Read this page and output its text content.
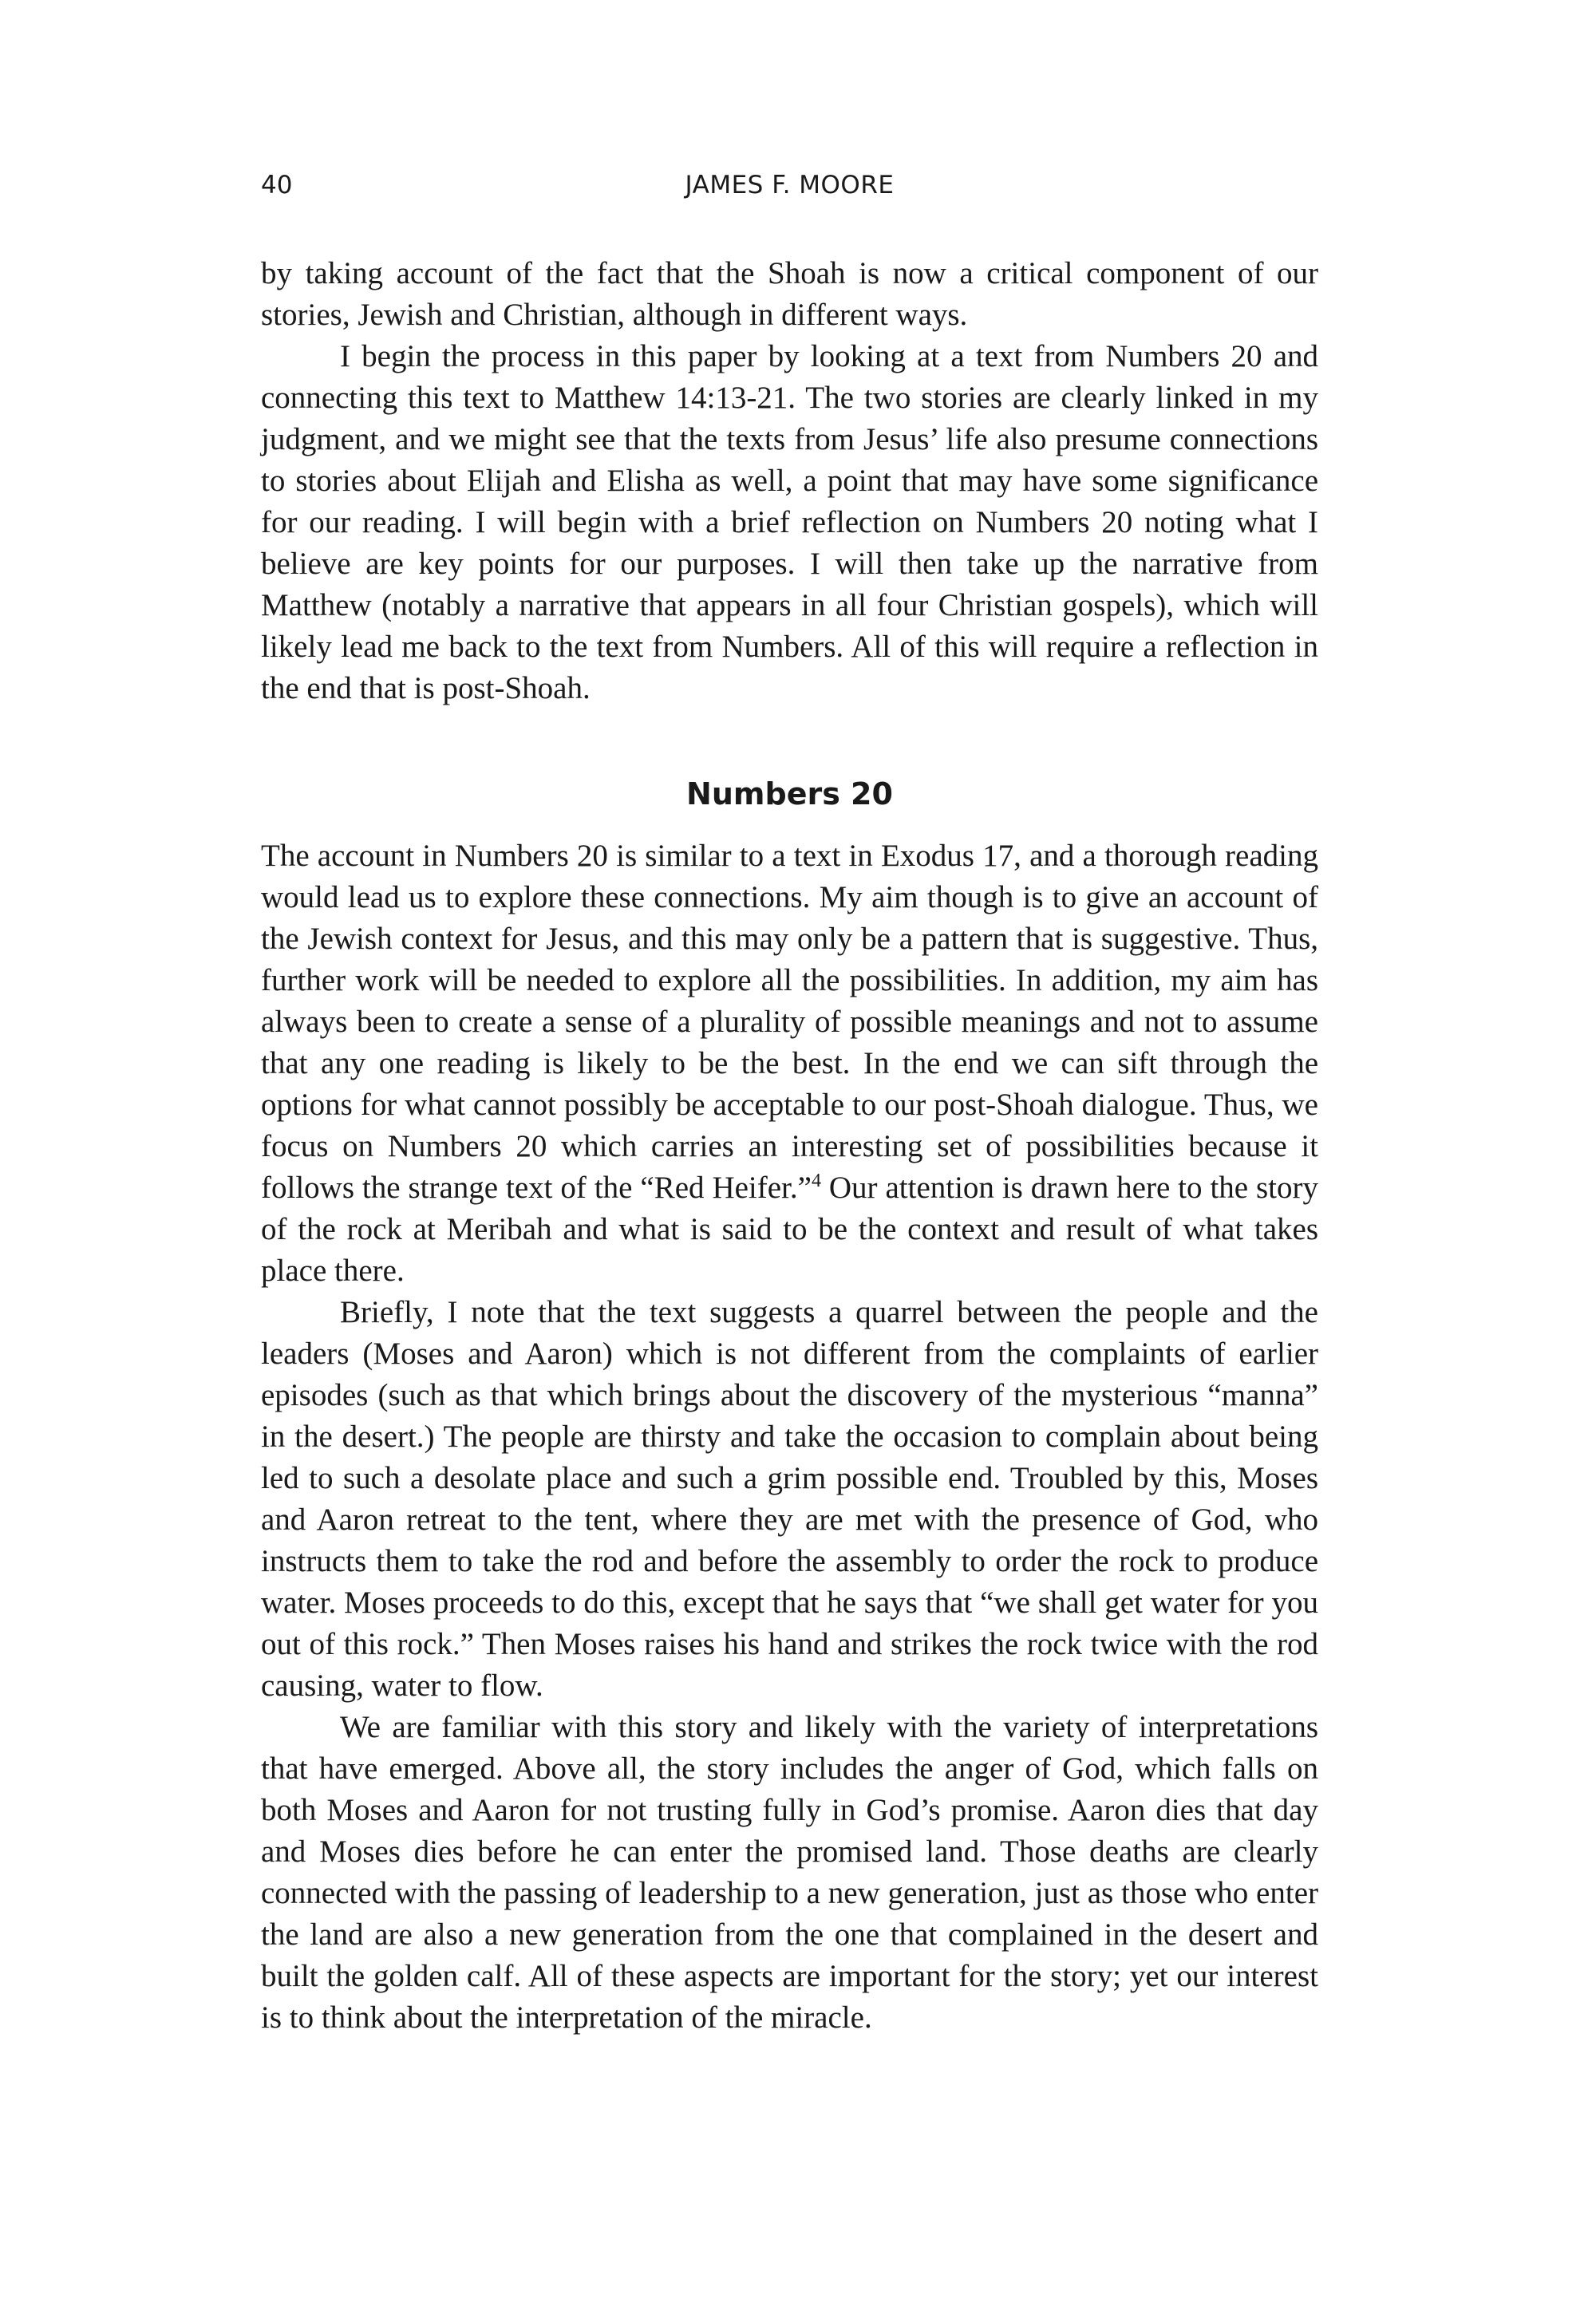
40	JAMES F. MOORE

by taking account of the fact that the Shoah is now a critical component of our stories, Jewish and Christian, although in different ways.

I begin the process in this paper by looking at a text from Numbers 20 and connecting this text to Matthew 14:13-21. The two stories are clearly linked in my judgment, and we might see that the texts from Jesus’ life also presume connections to stories about Elijah and Elisha as well, a point that may have some significance for our reading. I will begin with a brief reflection on Numbers 20 noting what I believe are key points for our purposes. I will then take up the narrative from Matthew (notably a narrative that appears in all four Christian gospels), which will likely lead me back to the text from Numbers. All of this will require a reflection in the end that is post-Shoah.

Numbers 20

The account in Numbers 20 is similar to a text in Exodus 17, and a thorough reading would lead us to explore these connections. My aim though is to give an account of the Jewish context for Jesus, and this may only be a pattern that is suggestive. Thus, further work will be needed to explore all the possibilities. In addition, my aim has always been to create a sense of a plurality of possible meanings and not to assume that any one reading is likely to be the best. In the end we can sift through the options for what cannot possibly be acceptable to our post-Shoah dialogue. Thus, we focus on Numbers 20 which carries an interesting set of possibilities because it follows the strange text of the “Red Heifer.”$^4$ Our attention is drawn here to the story of the rock at Meribah and what is said to be the context and result of what takes place there.

Briefly, I note that the text suggests a quarrel between the people and the leaders (Moses and Aaron) which is not different from the complaints of earlier episodes (such as that which brings about the discovery of the mysterious “manna” in the desert.) The people are thirsty and take the occasion to complain about being led to such a desolate place and such a grim possible end. Troubled by this, Moses and Aaron retreat to the tent, where they are met with the presence of God, who instructs them to take the rod and before the assembly to order the rock to produce water. Moses proceeds to do this, except that he says that “we shall get water for you out of this rock.” Then Moses raises his hand and strikes the rock twice with the rod causing, water to flow.

We are familiar with this story and likely with the variety of interpretations that have emerged. Above all, the story includes the anger of God, which falls on both Moses and Aaron for not trusting fully in God’s promise. Aaron dies that day and Moses dies before he can enter the promised land. Those deaths are clearly connected with the passing of leadership to a new generation, just as those who enter the land are also a new generation from the one that complained in the desert and built the golden calf. All of these aspects are important for the story; yet our interest is to think about the interpretation of the miracle.
